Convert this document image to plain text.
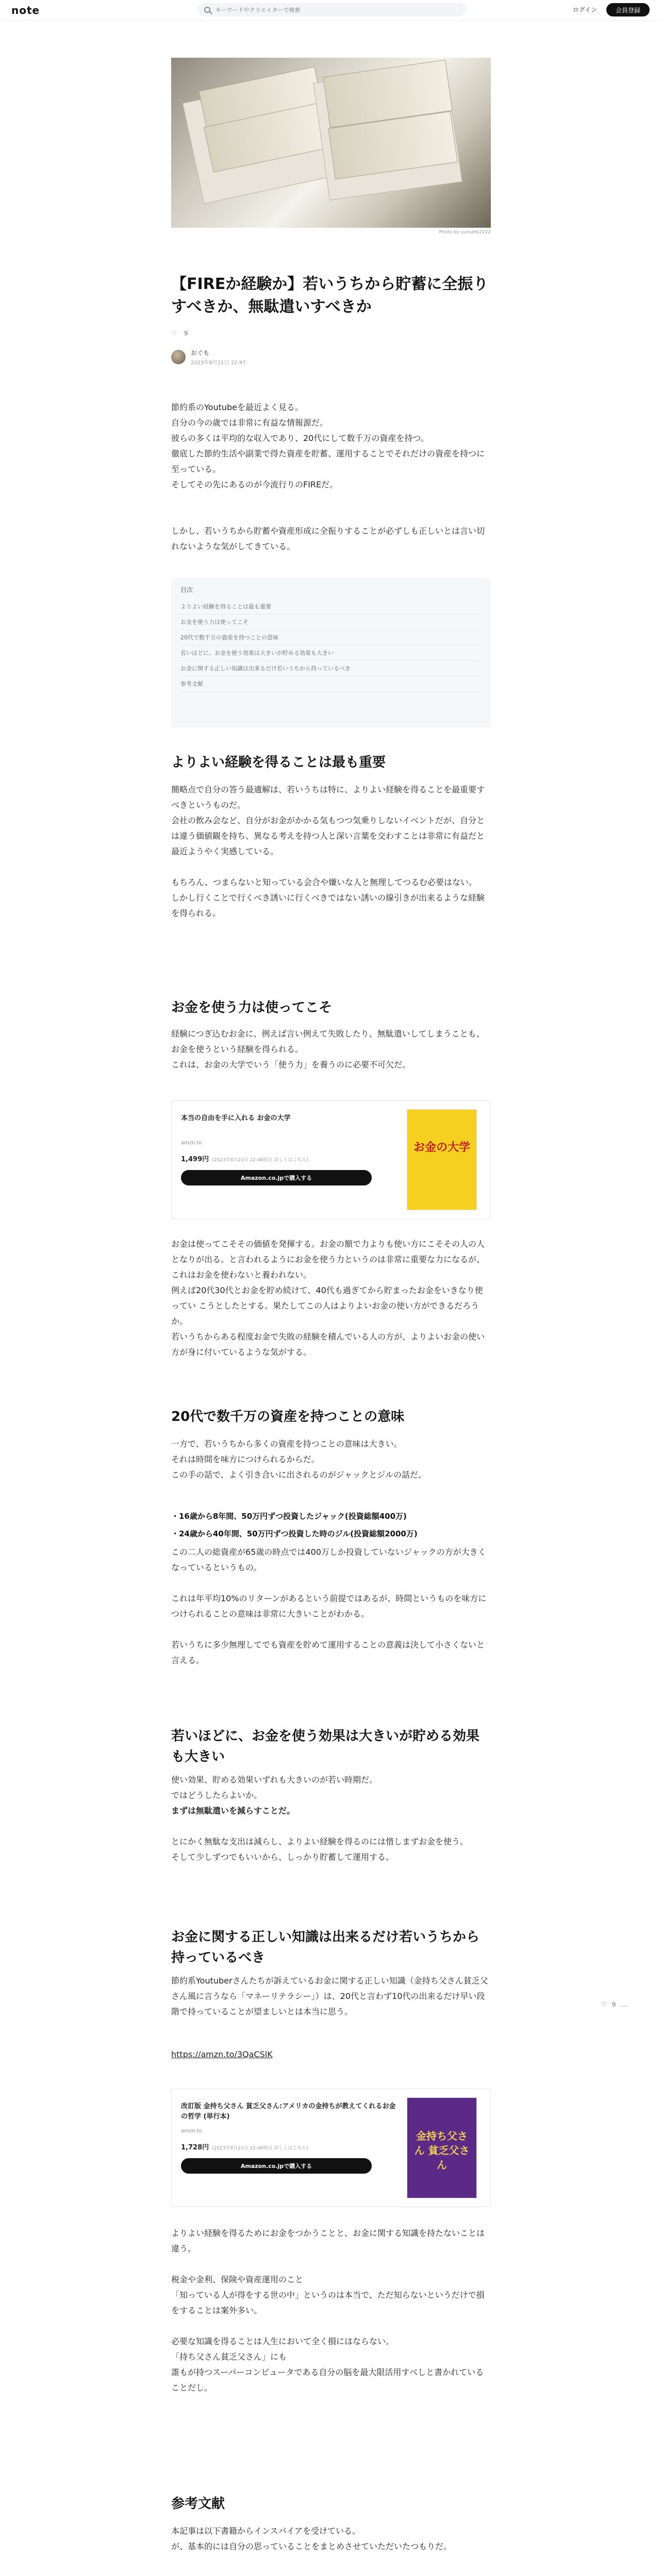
note
キーワードやクリエイターで検索	ログイン	会員登録
Photo by sunsetk2222
【FIREか経験か】若いうちから貯蓄に全振りすべきか、無駄遣いすべきか
♡ 9
おぐも
2023年8月21日 22:47

節約系のYoutubeを最近よく見る。

自分の今の歳では非常に有益な情報源だ。

彼らの多くは平均的な収入であり、20代にして数千万の資産を持つ。

徹底した節約生活や副業で得た資産を貯蓄、運用することでそれだけの資産を持つに至っている。

そしてその先にあるのが今流行りのFIREだ。

しかし、若いうちから貯蓄や資産形成に全振りすることが必ずしも正しいとは言い切れないような気がしてきている。

目次
よりよい経験を得ることは最も重要
お金を使う力は使ってこそ
20代で数千万の資産を持つことの意味
若いほどに、お金を使う効果は大きいが貯める効果も大きい
お金に関する正しい知識は出来るだけ若いうちから持っているべき
参考文献
よりよい経験を得ることは最も重要

簡略点で自分の答う最適解は、若いうちは特に、よりよい経験を得ることを最重要すべきというものだ。

会社の飲み会など、自分がお金がかかる気もつつ気乗りしないイベントだが、自分とは違う価値観を持ち、異なる考えを持つ人と深い言葉を交わすことは非常に有益だと最近ようやく実感している。

もちろん、つまらないと知っている会合や嫌いな人と無理してつるむ必要はない。

しかし行くことで行くべき誘いに行くべきではない誘いの線引きが出来るような経験を得られる。

お金を使う力は使ってこそ

経験につぎ込むお金に、例えば言い例えて失敗したり、無駄遣いしてしまうことも、お金を使うという経験を得られる。

これは、お金の大学でいう「使う力」を養うのに必要不可欠だ。

本当の自由を手に入れる お金の大学
amzn.to
1,499円 (2023年8月21日 22:46時点 詳しくはこちら)
Amazon.co.jpで購入する
お金の大学

お金は使ってこそその価値を発揮する。お金の額で力よりも使い方にこそその人の人となりが出る。と言われるようにお金を使う力というのは非常に重要な力になるが、これはお金を使わないと養われない。

例えば20代30代とお金を貯め続けて、40代も過ぎてから貯まったお金をいきなり使ってい こうとしたとする。果たしてこの人はよりよいお金の使い方ができるだろうか。

若いうちからある程度お金で失敗の経験を積んでいる人の方が、よりよいお金の使い方が身に付いているような気がする。

20代で数千万の資産を持つことの意味

一方で、若いうちから多くの資産を持つことの意味は大きい。

それは時間を味方につけられるからだ。

この手の話で、よく引き合いに出されるのがジャックとジルの話だ。

・16歳から8年間、50万円ずつ投資したジャック(投資総額400万)
・24歳から40年間、50万円ずつ投資した時のジル(投資総額2000万)

この二人の総資産が65歳の時点では400万しか投資していないジャックの方が大きくなっているというもの。

これは年平均10%のリターンがあるという前提ではあるが、時間というものを味方につけられることの意味は非常に大きいことがわかる。

若いうちに多少無理してでも資産を貯めて運用することの意義は決して小さくないと言える。

若いほどに、お金を使う効果は大きいが貯める効果も大きい

使い効果、貯める効果いずれも大きいのが若い時期だ。

ではどうしたらよいか。

まずは無駄遣いを減らすことだ。

とにかく無駄な支出は減らし、よりよい経験を得るのには惜しまずお金を使う。

そして少しずつでもいいから、しっかり貯蓄して運用する。

お金に関する正しい知識は出来るだけ若いうちから持っているべき

節約系Youtuberさんたちが訴えているお金に関する正しい知識（金持ち父さん貧乏父さん風に言うなら「マネーリテラシー」）は、20代と言わず10代の出来るだけ早い段階で持っていることが望ましいとは本当に思う。

https://amzn.to/3QaCSlK
改訂版 金持ち父さん 貧乏父さん:アメリカの金持ちが教えてくれるお金の哲学 (単行本)
amzn.to
1,728円 (2023年8月21日 22:46時点 詳しくはこちら)
Amazon.co.jpで購入する
金持ち父さん 貧乏父さん

よりよい経験を得るためにお金をつかうことと、お金に関する知識を持たないことは違う。

税金や金利、保険や資産運用のこと

「知っている人が得をする世の中」というのは本当で、ただ知らないというだけで損をすることは案外多い。

必要な知識を得ることは人生において全く損にはならない。

「持ち父さん貧乏父さん」にも

誰もが持つスーパーコンピュータである自分の脳を最大限活用すべしと書かれていることだし。

参考文献

本記事は以下書籍からインスパイアを受けている。

が、基本的には自分の思っていることをまとめさせていただいたつもりだ。

♡ 9 …
